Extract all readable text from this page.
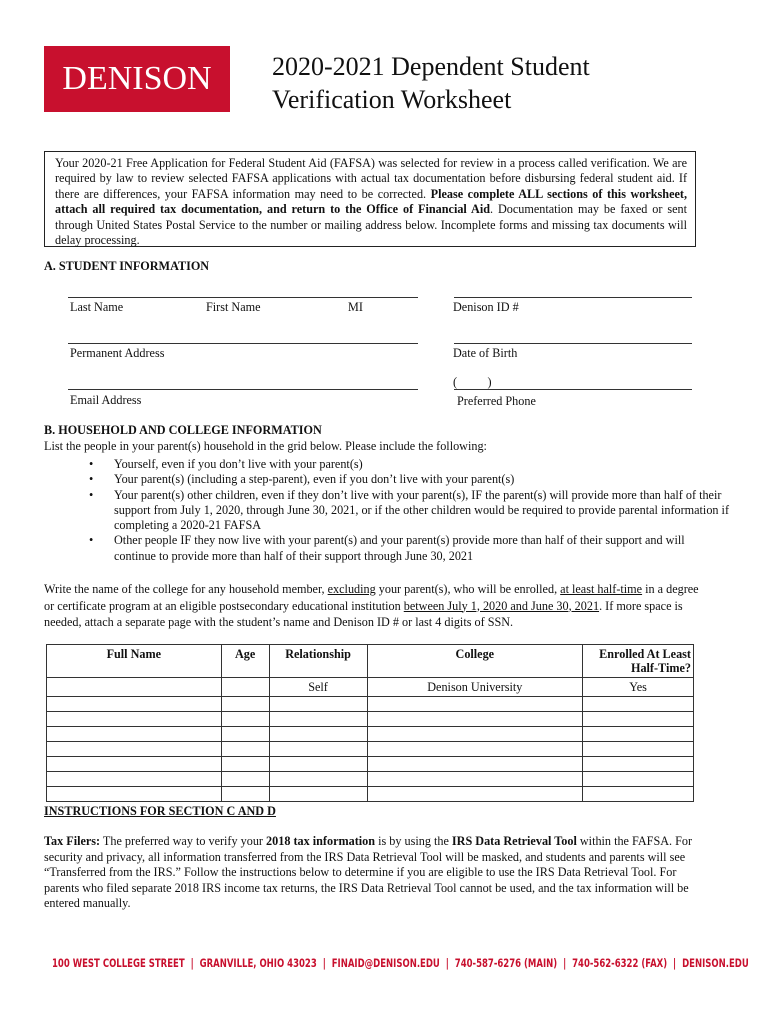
DENISON	2020-2021 Dependent Student
Verification Worksheet
Your 2020-21 Free Application for Federal Student Aid (FAFSA) was selected for review in a process called verification. We are required by law to review selected FAFSA applications with actual tax documentation before disbursing federal student aid. If there are differences, your FAFSA information may need to be corrected. Please complete ALL sections of this worksheet, attach all required tax documentation, and return to the Office of Financial Aid. Documentation may be faxed or sent through United States Postal Service to the number or mailing address below. Incomplete forms and missing tax documents will delay processing.
A. STUDENT INFORMATION
Last Name	First Name	MI	Denison ID #
Permanent Address	Date of Birth
(          )
Email Address	Preferred Phone
B. HOUSEHOLD AND COLLEGE INFORMATION
List the people in your parent(s) household in the grid below. Please include the following:
• Yourself, even if you don’t live with your parent(s)
• Your parent(s) (including a step-parent), even if you don’t live with your parent(s)
• Your parent(s) other children, even if they don’t live with your parent(s), IF the parent(s) will provide more than half of their support from July 1, 2020, through June 30, 2021, or if the other children would be required to provide parental information if completing a 2020-21 FAFSA
• Other people IF they now live with your parent(s) and your parent(s) provide more than half of their support and will continue to provide more than half of their support through June 30, 2021
Write the name of the college for any household member, excluding your parent(s), who will be enrolled, at least half-time in a degree or certificate program at an eligible postsecondary educational institution between July 1, 2020 and June 30, 2021. If more space is needed, attach a separate page with the student’s name and Denison ID # or last 4 digits of SSN.
Full Name	Age	Relationship	College	Enrolled At Least Half-Time?
		Self	Denison University	Yes

INSTRUCTIONS FOR SECTION C AND D
Tax Filers: The preferred way to verify your 2018 tax information is by using the IRS Data Retrieval Tool within the FAFSA. For security and privacy, all information transferred from the IRS Data Retrieval Tool will be masked, and students and parents will see “Transferred from the IRS.” Follow the instructions below to determine if you are eligible to use the IRS Data Retrieval Tool. For parents who filed separate 2018 IRS income tax returns, the IRS Data Retrieval Tool cannot be used, and the tax information will be entered manually.
100 WEST COLLEGE STREET  |  GRANVILLE, OHIO 43023  |  FINAID@DENISON.EDU  |  740-587-6276 (MAIN)  |  740-562-6322 (FAX)  |  DENISON.EDU
